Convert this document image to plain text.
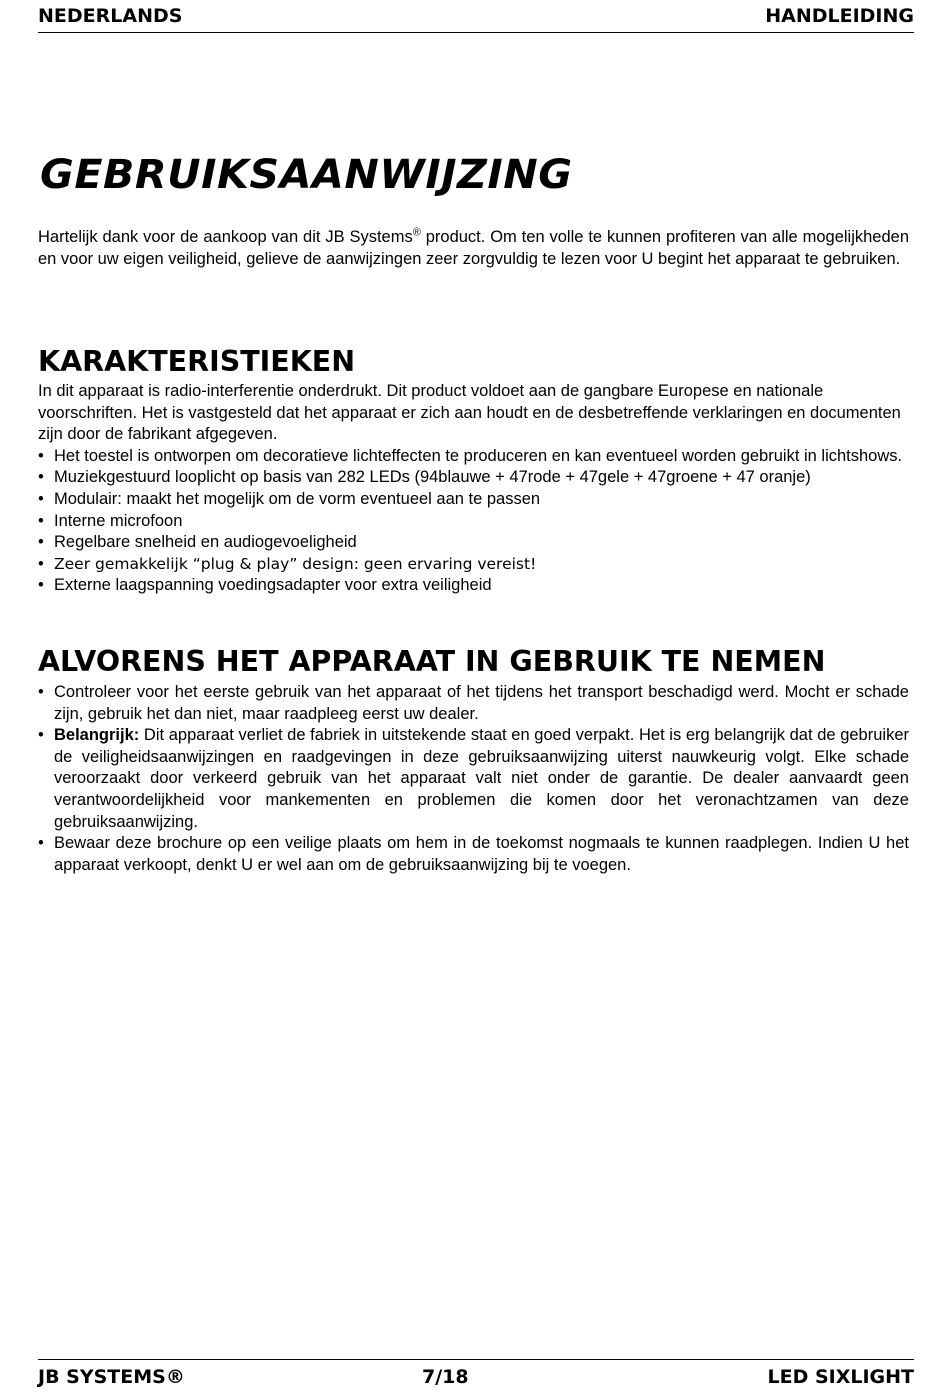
NEDERLANDS	HANDLEIDING
GEBRUIKSAANWIJZING
Hartelijk dank voor de aankoop van dit JB Systems® product. Om ten volle te kunnen profiteren van alle mogelijkheden en voor uw eigen veiligheid, gelieve de aanwijzingen zeer zorgvuldig te lezen voor U begint het apparaat te gebruiken.
KARAKTERISTIEKEN
In dit apparaat is radio-interferentie onderdrukt. Dit product voldoet aan de gangbare Europese en nationale voorschriften. Het is vastgesteld dat het apparaat er zich aan houdt en de desbetreffende verklaringen en documenten zijn door de fabrikant afgegeven.
• Het toestel is ontworpen om decoratieve lichteffecten te produceren en kan eventueel worden gebruikt in lichtshows.
• Muziekgestuurd looplicht op basis van 282 LEDs (94blauwe + 47rode + 47gele + 47groene + 47 oranje)
• Modulair: maakt het mogelijk om de vorm eventueel aan te passen
• Interne microfoon
• Regelbare snelheid en audiogevoeligheid
• Zeer gemakkelijk “plug & play” design: geen ervaring vereist!
• Externe laagspanning voedingsadapter voor extra veiligheid
ALVORENS HET APPARAAT IN GEBRUIK TE NEMEN
• Controleer voor het eerste gebruik van het apparaat of het tijdens het transport beschadigd werd. Mocht er schade zijn, gebruik het dan niet, maar raadpleeg eerst uw dealer.
• Belangrijk: Dit apparaat verliet de fabriek in uitstekende staat en goed verpakt. Het is erg belangrijk dat de gebruiker de veiligheidsaanwijzingen en raadgevingen in deze gebruiksaanwijzing uiterst nauwkeurig volgt. Elke schade veroorzaakt door verkeerd gebruik van het apparaat valt niet onder de garantie. De dealer aanvaardt geen verantwoordelijkheid voor mankementen en problemen die komen door het veronachtzamen van deze gebruiksaanwijzing.
• Bewaar deze brochure op een veilige plaats om hem in de toekomst nogmaals te kunnen raadplegen. Indien U het apparaat verkoopt, denkt U er wel aan om de gebruiksaanwijzing bij te voegen.
JB SYSTEMS®	7/18	LED SIXLIGHT
